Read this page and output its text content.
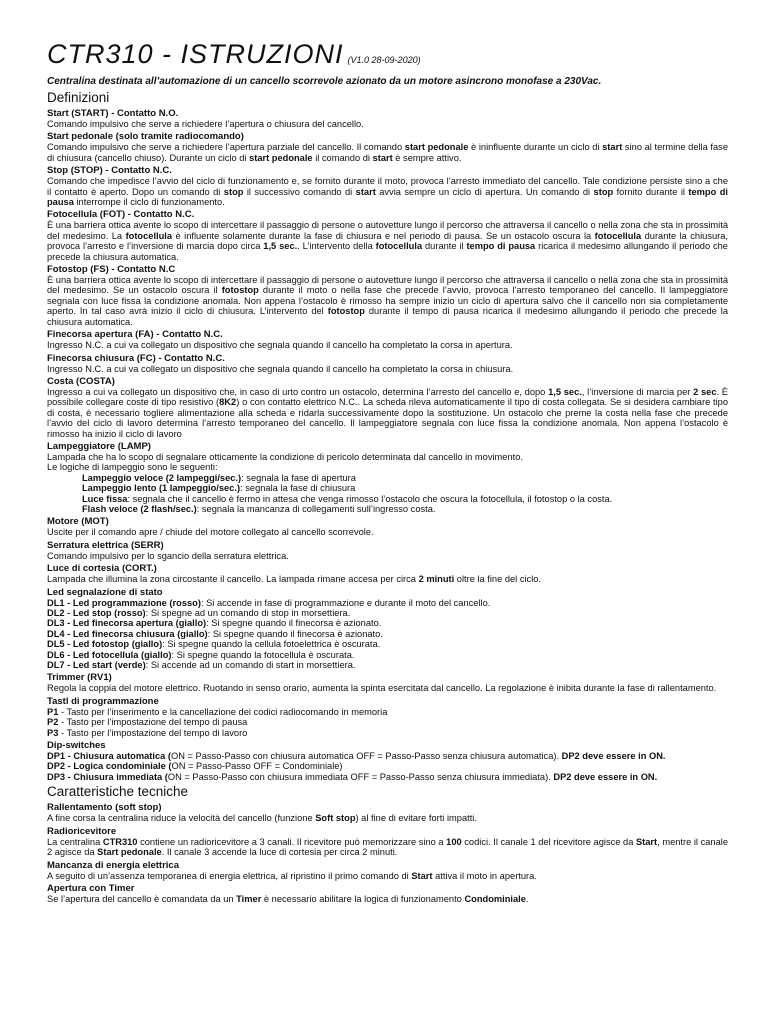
CTR310 - ISTRUZIONI (V1.0 28-09-2020)
Centralina destinata all’automazione di un cancello scorrevole azionato da un motore asincrono monofase a 230Vac.
Definizioni
Start (START) - Contatto N.O.

Comando impulsivo che serve a richiedere l’apertura o chiusura del cancello.

Start pedonale (solo tramite radiocomando)

Comando impulsivo che serve a richiedere l’apertura parziale del cancello. Il comando start pedonale è ininfluente durante un ciclo di start sino al termine della fase di chiusura (cancello chiuso). Durante un ciclo di start pedonale il comando di start è sempre attivo.

Stop (STOP) - Contatto N.C.

Comando che impedisce l’avvio del ciclo di funzionamento e, se fornito durante il moto, provoca l’arresto immediato del cancello. Tale condizione persiste sino a che il contatto è aperto. Dopo un comando di stop il successivo comando di start avvia sempre un ciclo di apertura. Un comando di stop fornito durante il tempo di pausa interrompe il ciclo di funzionamento.

Fotocellula (FOT) - Contatto N.C.

È una barriera ottica avente lo scopo di intercettare il passaggio di persone o autovetture lungo il percorso che attraversa il cancello o nella zona che sta in prossimità del medesimo. La fotocellula è influente solamente durante la fase di chiusura e nel periodo di pausa. Se un ostacolo oscura la fotocellula durante la chiusura, provoca l’arresto e l’inversione di marcia dopo circa 1,5 sec.. L’intervento della fotocellula durante il tempo di pausa ricarica il medesimo allungando il periodo che precede la chiusura automatica.

Fotostop (FS) - Contatto N.C

È una barriera ottica avente lo scopo di intercettare il passaggio di persone o autovetture lungo il percorso che attraversa il cancello o nella zona che sta in prossimità del medesimo. Se un ostacolo oscura il fotostop durante il moto o nella fase che precede l’avvio, provoca l’arresto temporaneo del cancello. Il lampeggiatore segnala con luce fissa la condizione anomala. Non appena l’ostacolo è rimosso ha sempre inizio un ciclo di apertura salvo che il cancello non sia completamente aperto. In tal caso avrà inizio il ciclo di chiusura. L’intervento del fotostop durante il tempo di pausa ricarica il medesimo allungando il periodo che precede la chiusura automatica.

Finecorsa apertura (FA) - Contatto N.C.

Ingresso N.C. a cui va collegato un dispositivo che segnala quando il cancello ha completato la corsa in apertura.

Finecorsa chiusura (FC) - Contatto N.C.

Ingresso N.C. a cui va collegato un dispositivo che segnala quando il cancello ha completato la corsa in chiusura.

Costa (COSTA)

Ingresso a cui va collegato un dispositivo che, in caso di urto contro un ostacolo, determina l’arresto del cancello e, dopo 1,5 sec., l’inversione di marcia per 2 sec. È possibile collegare coste di tipo resistivo (8K2) o con contatto elettrico N.C.. La scheda rileva automaticamente il tipo di costa collegata. Se si desidera cambiare tipo di costa, è necessario togliere alimentazione alla scheda e ridarla successivamente dopo la sostituzione. Un ostacolo che preme la costa nella fase che precede l’avvio del ciclo di lavoro determina l’arresto temporaneo del cancello. Il lampeggiatore segnala con luce fissa la condizione anomala. Non appena l’ostacolo è rimosso ha inizio il ciclo di lavoro

Lampeggiatore (LAMP)
Lampada che ha lo scopo di segnalare otticamente la condizione di pericolo determinata dal cancello in movimento.
Le logiche di lampeggio sono le seguenti:
Lampeggio veloce (2 lampeggi/sec.): segnala la fase di apertura
Lampeggio lento (1 lampeggio/sec.): segnala la fase di chiusura
Luce fissa: segnala che il cancello è fermo in attesa che venga rimosso l’ostacolo che oscura la fotocellula, il fotostop o la costa.
Flash veloce (2 flash/sec.): segnala la mancanza di collegamenti sull’ingresso costa.
Motore (MOT)

Uscite per il comando apre / chiude del motore collegato al cancello scorrevole.

Serratura elettrica (SERR)

Comando impulsivo per lo sgancio della serratura elettrica.

Luce di cortesia (CORT.)

Lampada che illumina la zona circostante il cancello. La lampada rimane accesa per circa 2 minuti oltre la fine del ciclo.

Led segnalazione di stato
DL1 - Led programmazione (rosso): Si accende in fase di programmazione e durante il moto del cancello.
DL2 - Led stop (rosso): Si spegne ad un comando di stop in morsettiera.
DL3 - Led finecorsa apertura (giallo): Si spegne quando il finecorsa è azionato.
DL4 - Led finecorsa chiusura (giallo): Si spegne quando il finecorsa è azionato.
DL5 - Led fotostop (giallo): Si spegne quando la cellula fotoelettrica è oscurata.
DL6 - Led fotocellula (giallo): Si spegne quando la fotocellula è oscurata.
DL7 - Led start (verde): Si accende ad un comando di start in morsettiera.
Trimmer (RV1)

Regola la coppia del motore elettrico. Ruotando in senso orario, aumenta la spinta esercitata dal cancello. La regolazione è inibita durante la fase di rallentamento.

Tastl di programmazione
P1 - Tasto per l’inserimento e la cancellazione dei codici radiocomando in memoria
P2 - Tasto per l’impostazione del tempo di pausa
P3 - Tasto per l’impostazione del tempo di lavoro
Dip-switches
DP1 - Chiusura automatica (ON = Passo-Passo con chiusura automatica OFF = Passo-Passo senza chiusura automatica). DP2 deve essere in ON.
DP2 - Logica condominiale (ON = Passo-Passo OFF = Condominiale)
DP3 - Chiusura immediata (ON = Passo-Passo con chiusura immediata OFF = Passo-Passo senza chiusura immediata). DP2 deve essere in ON.
Caratteristiche tecniche
Rallentamento (soft stop)

A fine corsa la centralina riduce la velocità del cancello (funzione Soft stop) al fine di evitare forti impatti.

Radioricevitore

La centralina CTR310 contiene un radioricevitore a 3 canali. Il ricevitore può memorizzare sino a 100 codici. Il canale 1 del ricevitore agisce da Start, mentre il canale 2 agisce da Start pedonale. Il canale 3 accende la luce di cortesia per circa 2 minuti.

Mancanza di energia elettrica

A seguito di un’assenza temporanea di energia elettrica, al ripristino il primo comando di Start attiva il moto in apertura.

Apertura con Timer

Se l’apertura del cancello è comandata da un Timer è necessario abilitare la logica di funzionamento Condominiale.
